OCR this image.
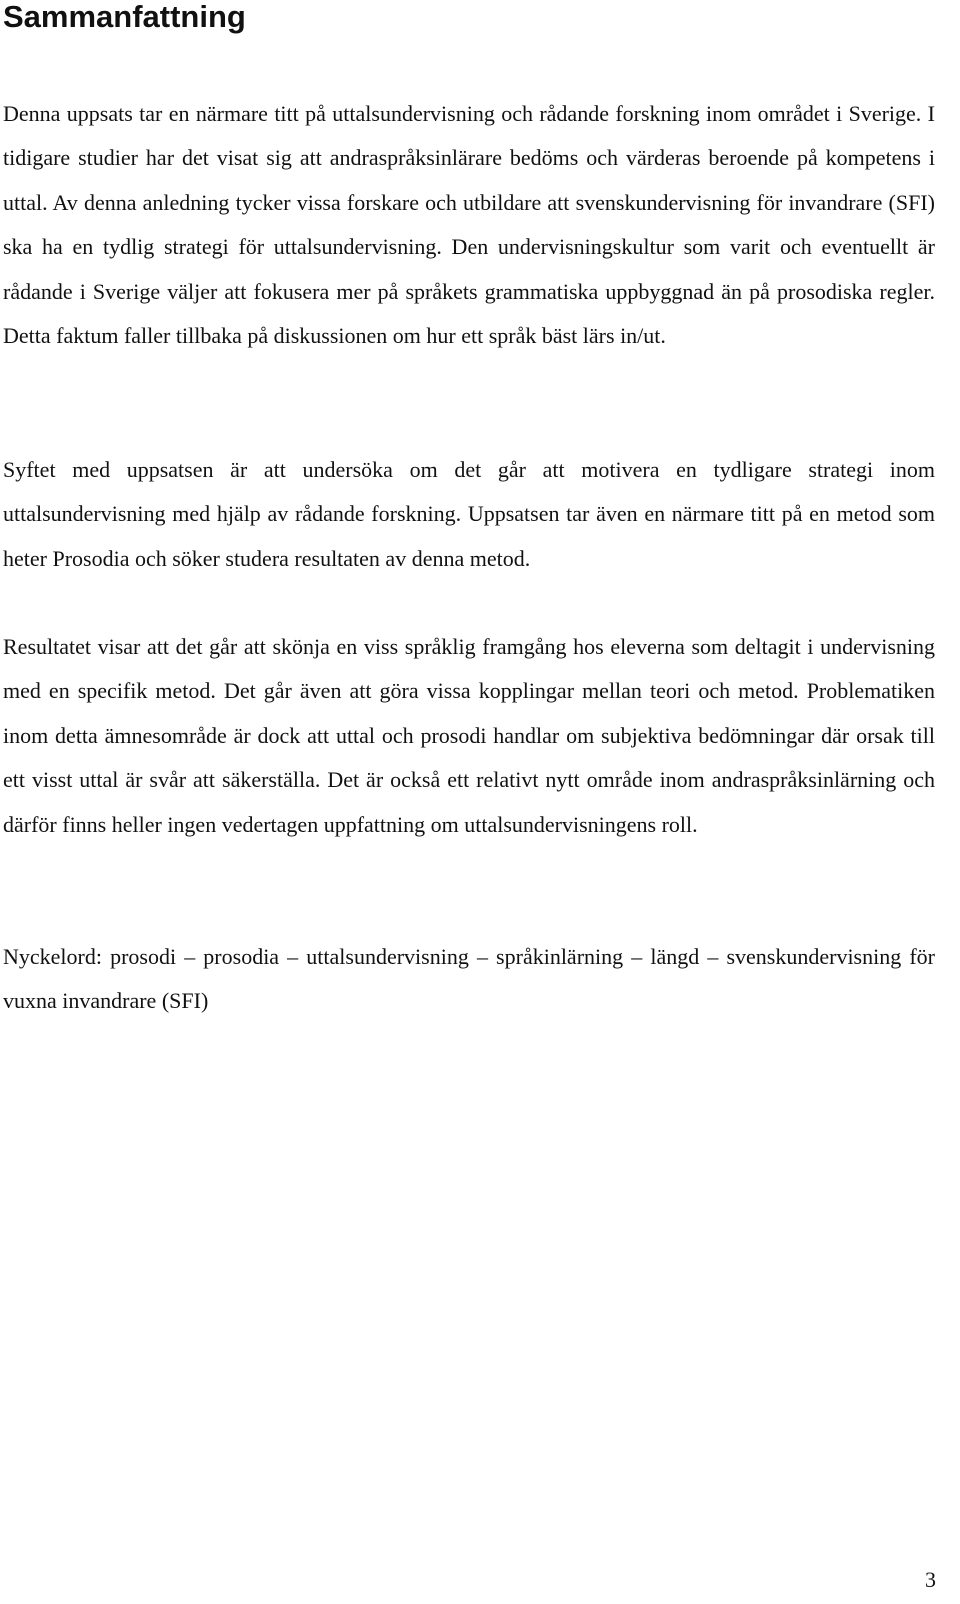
Sammanfattning

Denna uppsats tar en närmare titt på uttalsundervisning och rådande forskning inom området i Sverige. I tidigare studier har det visat sig att andraspråksinlärare bedöms och värderas beroende på kompetens i uttal. Av denna anledning tycker vissa forskare och utbildare att svenskundervisning för invandrare (SFI) ska ha en tydlig strategi för uttalsundervisning. Den undervisningskultur som varit och eventuellt är rådande i Sverige väljer att fokusera mer på språkets grammatiska uppbyggnad än på prosodiska regler. Detta faktum faller tillbaka på diskussionen om hur ett språk bäst lärs in/ut.

Syftet med uppsatsen är att undersöka om det går att motivera en tydligare strategi inom uttalsundervisning med hjälp av rådande forskning. Uppsatsen tar även en närmare titt på en metod som heter Prosodia och söker studera resultaten av denna metod.

Resultatet visar att det går att skönja en viss språklig framgång hos eleverna som deltagit i undervisning med en specifik metod. Det går även att göra vissa kopplingar mellan teori och metod. Problematiken inom detta ämnesområde är dock att uttal och prosodi handlar om subjektiva bedömningar där orsak till ett visst uttal är svår att säkerställa. Det är också ett relativt nytt område inom andraspråksinlärning och därför finns heller ingen vedertagen uppfattning om uttalsundervisningens roll.

Nyckelord: prosodi – prosodia – uttalsundervisning – språkinlärning – längd – svenskundervisning för vuxna invandrare (SFI)

3
